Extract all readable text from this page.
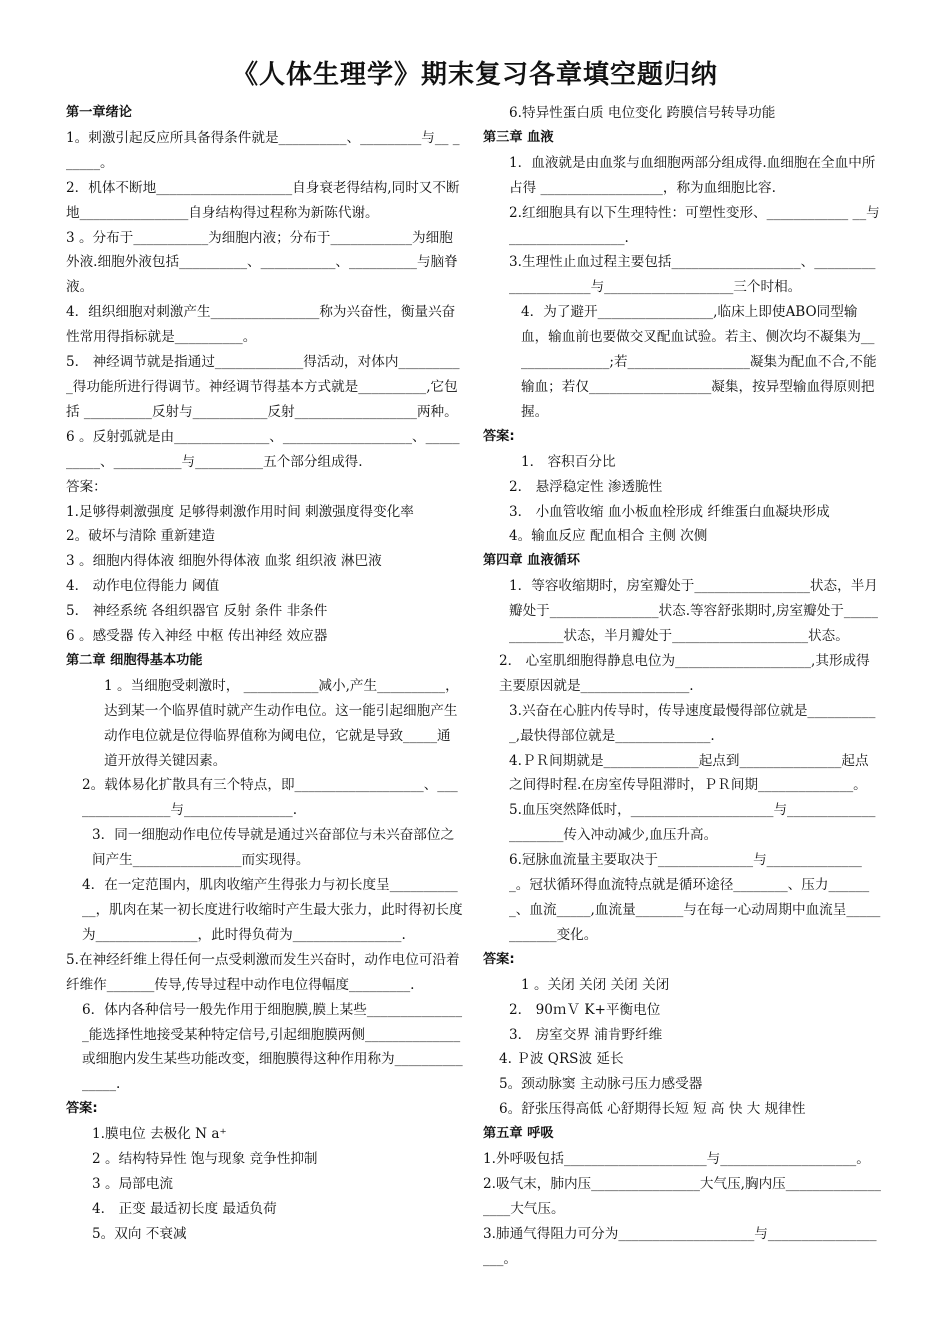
《人体生理学》期末复习各章填空题归纳

第一章绪论

1。刺激引起反应所具备得条件就是__________、_________与__ ______。

2．机体不断地____________________自身衰老得结构,同时又不断地________________自身结构得过程称为新陈代谢。

3 。分布于___________为细胞内液；分布于____________为细胞外液.细胞外液包括__________、___________、__________与脑脊液。

4．组织细胞对刺激产生________________称为兴奋性，衡量兴奋性常用得指标就是__________。

5． 神经调节就是指通过_____________得活动，对体内__________得功能所进行得调节。神经调节得基本方式就是__________,它包括 __________反射与___________反射__________________两种。

6 。反射弧就是由______________、___________________、__________、__________与__________五个部分组成得.

答案：

1.足够得刺激强度 足够得刺激作用时间 刺激强度得变化率

2。破坏与清除 重新建造

3 。细胞内得体液 细胞外得体液 血浆 组织液 淋巴液

4． 动作电位得能力 阈值

5． 神经系统 各组织器官 反射 条件 非条件

6 。感受器 传入神经 中枢 传出神经 效应器

第二章 细胞得基本功能

1 。当细胞受刺激时， ___________减小,产生__________，达到某一个临界值时就产生动作电位。这一能引起细胞产生动作电位就是位得临界值称为阈电位，它就是导致_____通道开放得关键因素。

2。载体易化扩散具有三个特点，即___________________、________________与________________.

3．同一细胞动作电位传导就是通过兴奋部位与未兴奋部位之间产生________________而实现得。

4．在一定范围内，肌肉收缩产生得张力与初长度呈____________，肌肉在某一初长度进行收缩时产生最大张力，此时得初长度为_______________，此时得负荷为________________.

5.在神经纤维上得任何一点受刺激而发生兴奋时，动作电位可沿着纤维作_______传导,传导过程中动作电位得幅度_________.

6．体内各种信号一般先作用于细胞膜,膜上某些_______________能选择性地接受某种特定信号,引起细胞膜两侧______________或细胞内发生某些功能改变，细胞膜得这种作用称为_______________.

答案:

1.膜电位 去极化 N a⁺

2 。结构特异性 饱与现象 竞争性抑制

3 。局部电流

4． 正变 最适初长度 最适负荷

5。双向 不衰减

6.特异性蛋白质 电位变化 跨膜信号转导功能

第三章 血液

1．血液就是由血浆与血细胞两部分组成得.血细胞在全血中所占得 __________________，称为血细胞比容.

2.红细胞具有以下生理特性：可塑性变形、____________ __与_________________.

3.生理性止血过程主要包括___________________、_____________________与___________________三个时相。

4．为了避开_________________,临床上即使ABO同型输血，输血前也要做交叉配血试验。若主、侧次均不凝集为_______________;若__________________凝集为配血不合,不能输血；若仅__________________凝集，按异型输血得原则把握。

答案:

1． 容积百分比

2． 悬浮稳定性 渗透脆性

3． 小血管收缩 血小板血栓形成 纤维蛋白血凝块形成

4。输血反应 配血相合 主侧 次侧

第四章 血液循环

1．等容收缩期时，房室瓣处于_________________状态，半月瓣处于________________状态.等容舒张期时,房室瓣处于_____________状态，半月瓣处于____________________状态。

2． 心室肌细胞得静息电位为____________________,其形成得主要原因就是________________.

3.兴奋在心脏内传导时，传导速度最慢得部位就是___________,最快得部位就是______________.

4.ＰＲ间期就是______________起点到_______________起点之间得时程.在房室传导阻滞时，ＰＲ间期______________。

5.血压突然降低时，_____________________与_____________________传入冲动减少,血压升高。

6.冠脉血流量主要取决于______________与_______________。冠状循环得血流特点就是循环途径________、压力_______、血流_____,血流量_______与在每一心动周期中血流呈____________变化。

答案:

1 。关闭 关闭 关闭 关闭

2． 90ｍＶ K+平衡电位

3． 房室交界 浦肯野纤维

4. Ｐ波 QRS波 延长

5。颈动脉窦 主动脉弓压力感受器

6。舒张压得高低 心舒期得长短 短 高 快 大 规律性

第五章 呼吸

1.外呼吸包括_____________________与____________________。

2.吸气末，肺内压________________大气压,胸内压__________________大气压。

3.肺通气得阻力可分为____________________与___________________。
